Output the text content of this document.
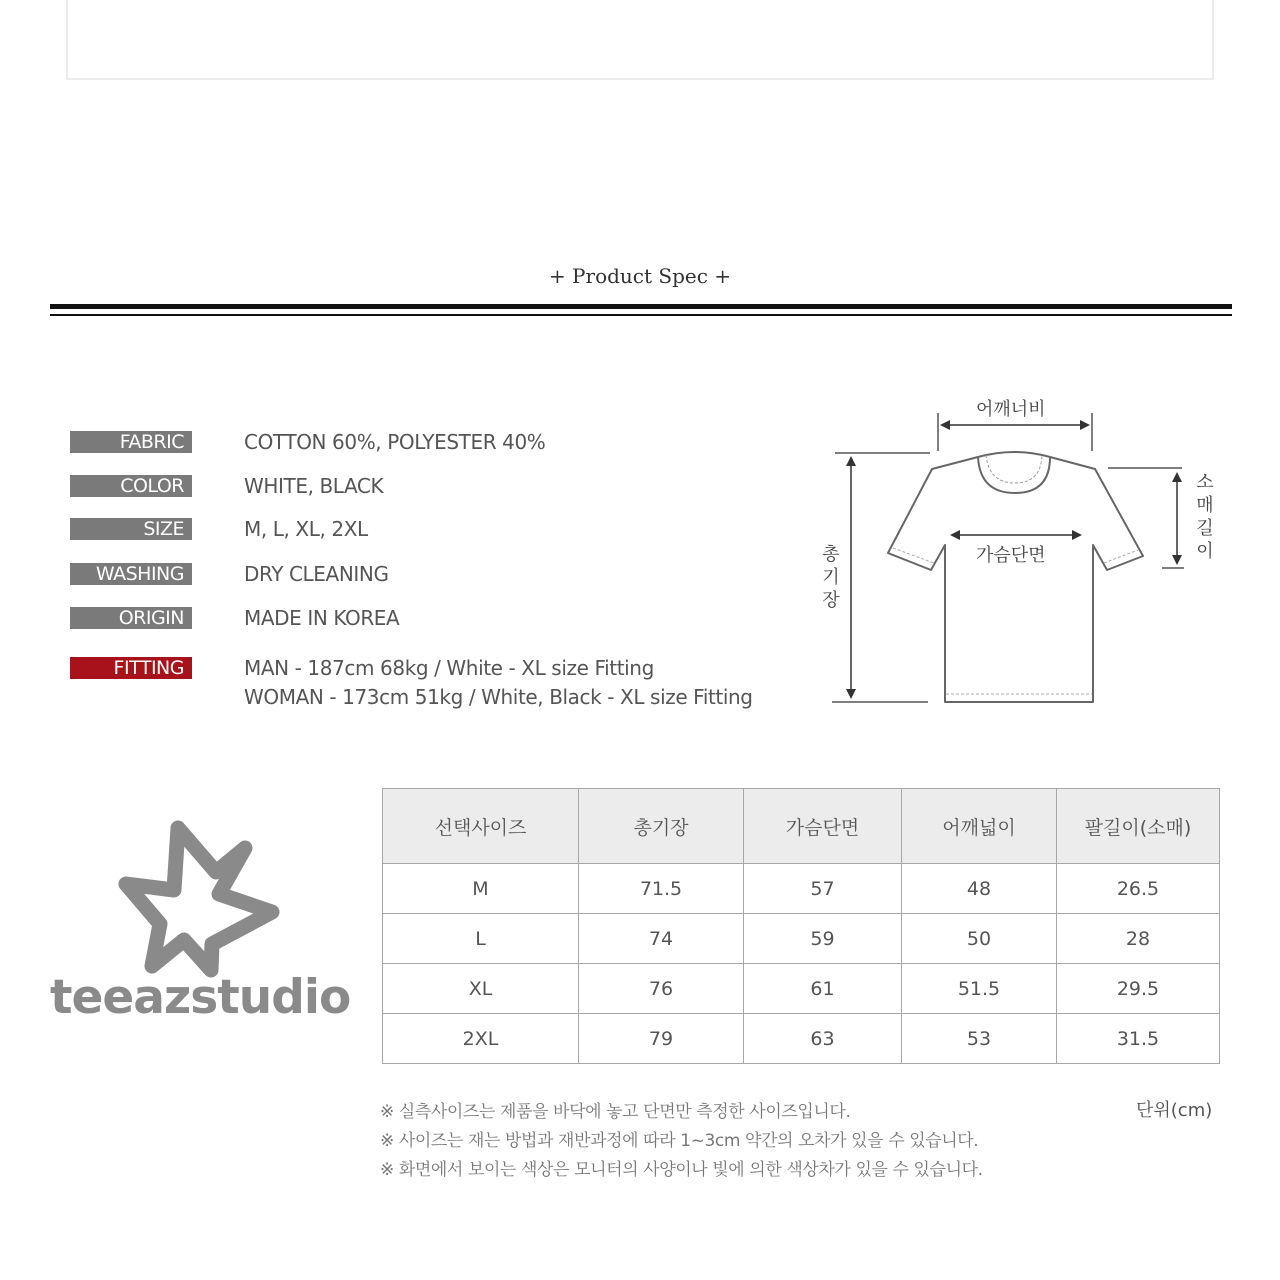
+ Product Spec +
FABRIC	COTTON 60%, POLYESTER 40%
COLOR	WHITE, BLACK
SIZE	M, L, XL, 2XL
WASHING	DRY CLEANING
ORIGIN	MADE IN KOREA
FITTING	MAN - 187cm 68kg / White - XL size Fitting
WOMAN - 173cm 51kg / White, Black - XL size Fitting
어깨너비
가슴단면
총
기
장
소
매
길
이
teeazstudio
선택사이즈	총기장	가슴단면	어깨넓이	팔길이(소매)
M	71.5	57	48	26.5
L	74	59	50	28
XL	76	61	51.5	29.5
2XL	79	63	53	31.5
단위(cm)
※ 실측사이즈는 제품을 바닥에 놓고 단면만 측정한 사이즈입니다.
※ 사이즈는 재는 방법과 재반과정에 따라 1~3cm 약간의 오차가 있을 수 있습니다.
※ 화면에서 보이는 색상은 모니터의 사양이나 빛에 의한 색상차가 있을 수 있습니다.
